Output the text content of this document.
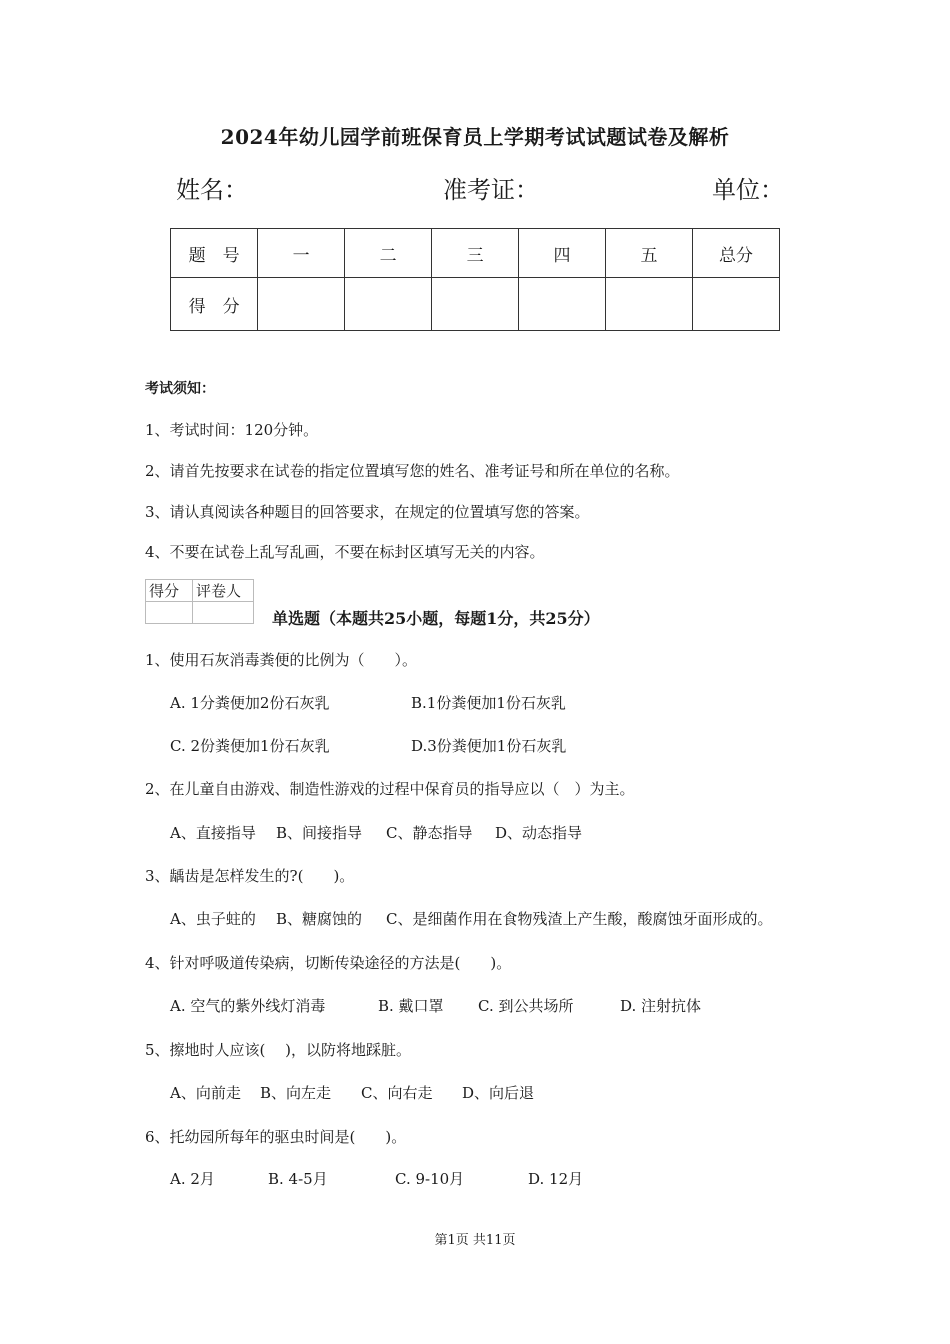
2024年幼儿园学前班保育员上学期考试试题试卷及解析
姓名：	准考证：	单位：
题　号	一	二	三	四	五	总分
得　分						
考试须知：
1、考试时间：120分钟。
2、请首先按要求在试卷的指定位置填写您的姓名、准考证号和所在单位的名称。
3、请认真阅读各种题目的回答要求，在规定的位置填写您的答案。
4、不要在试卷上乱写乱画，不要在标封区填写无关的内容。
得分	评卷人

单选题（本题共25小题，每题1分，共25分）
1、使用石灰消毒粪便的比例为（　　）。
A. 1分粪便加2份石灰乳	B.1份粪便加1份石灰乳
C. 2份粪便加1份石灰乳	D.3份粪便加1份石灰乳
2、在儿童自由游戏、制造性游戏的过程中保育员的指导应以（　）为主。
A、直接指导 B、间接指导 C、静态指导 D、动态指导
3、龋齿是怎样发生的?(　　)。
A、虫子蛀的 B、糖腐蚀的 C、是细菌作用在食物残渣上产生酸，酸腐蚀牙面形成的。
4、针对呼吸道传染病，切断传染途径的方法是(　　)。
A. 空气的紫外线灯消毒	B. 戴口罩 C. 到公共场所	D. 注射抗体
5、擦地时人应该(　 )，以防将地踩脏。
A、向前走 B、向左走 C、向右走 D、向后退
6、托幼园所每年的驱虫时间是(　　)。
A. 2月	B. 4-5月	C. 9-10月	D. 12月
第1页 共11页
